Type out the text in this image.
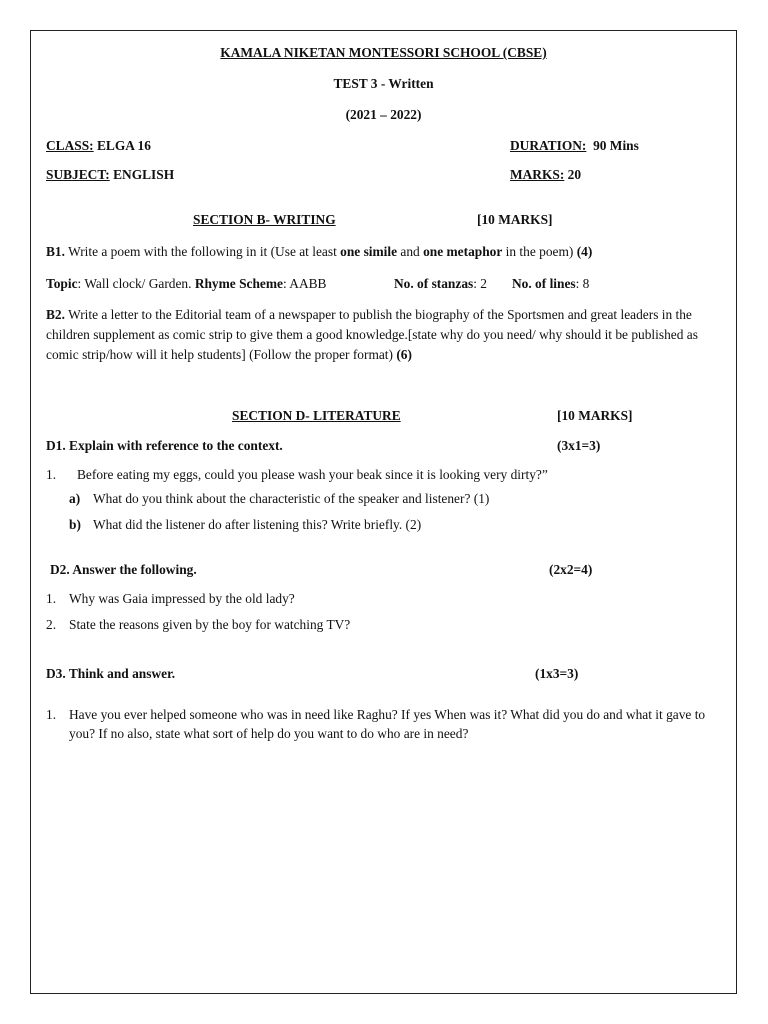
KAMALA NIKETAN MONTESSORI SCHOOL (CBSE)
TEST 3 - Written
(2021 – 2022)
CLASS: ELGA 16	DURATION:  90 Mins
SUBJECT: ENGLISH	MARKS: 20
SECTION B- WRITING	[10 MARKS]
B1. Write a poem with the following in it (Use at least one simile and one metaphor in the poem) (4)
Topic: Wall clock/ Garden. Rhyme Scheme: AABB	No. of stanzas: 2 No. of lines: 8
B2. Write a letter to the Editorial team of a newspaper to publish the biography of the Sportsmen and great leaders in the children supplement as comic strip to give them a good knowledge.[state why do you need/ why should it be published as comic strip/how will it help students] (Follow the proper format) (6)
SECTION D- LITERATURE	[10 MARKS]
D1. Explain with reference to the context.	(3x1=3)
1. Before eating my eggs, could you please wash your beak since it is looking very dirty?”
a) What do you think about the characteristic of the speaker and listener? (1)
b) What did the listener do after listening this? Write briefly. (2)
D2. Answer the following.	(2x2=4)
1. Why was Gaia impressed by the old lady?
2. State the reasons given by the boy for watching TV?
D3. Think and answer.	(1x3=3)
1. Have you ever helped someone who was in need like Raghu? If yes When was it? What did you do and what it gave to you? If no also, state what sort of help do you want to do who are in need?
